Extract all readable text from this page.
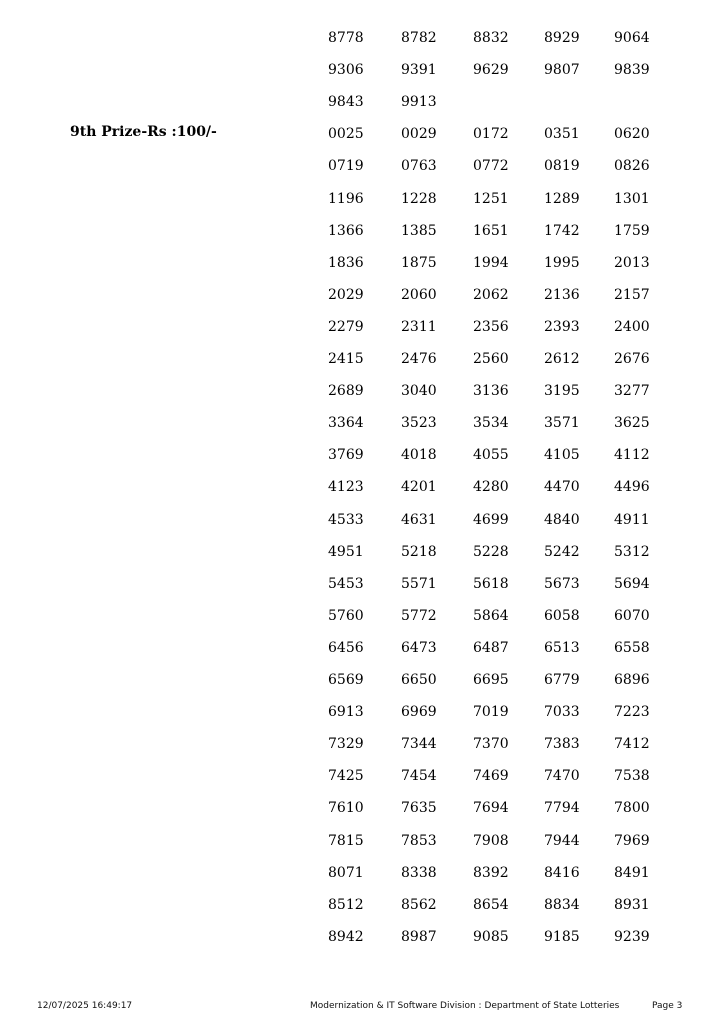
9th Prize-Rs :100/-
8778	8782	8832	8929 9064
9306	9391	9629	9807 9839
9843	9913
0025	0029	0172	0351 0620
0719	0763	0772	0819 0826
1196	1228	1251	1289 1301
1366	1385	1651	1742 1759
1836	1875	1994	1995 2013
2029	2060	2062	2136 2157
2279	2311	2356	2393 2400
2415	2476	2560	2612 2676
2689	3040	3136	3195 3277
3364	3523	3534	3571 3625
3769	4018	4055	4105 4112
4123	4201	4280	4470 4496
4533	4631	4699	4840 4911
4951	5218	5228	5242 5312
5453	5571	5618	5673 5694
5760	5772	5864	6058 6070
6456	6473	6487	6513 6558
6569	6650	6695	6779 6896
6913	6969	7019	7033 7223
7329	7344	7370	7383 7412
7425	7454	7469	7470 7538
7610	7635	7694	7794 7800
7815	7853	7908	7944 7969
8071	8338	8392	8416 8491
8512	8562	8654	8834 8931
8942	8987	9085	9185 9239
12/07/2025 16:49:17	Modernization & IT Software Division : Department of State Lotteries	Page 3
